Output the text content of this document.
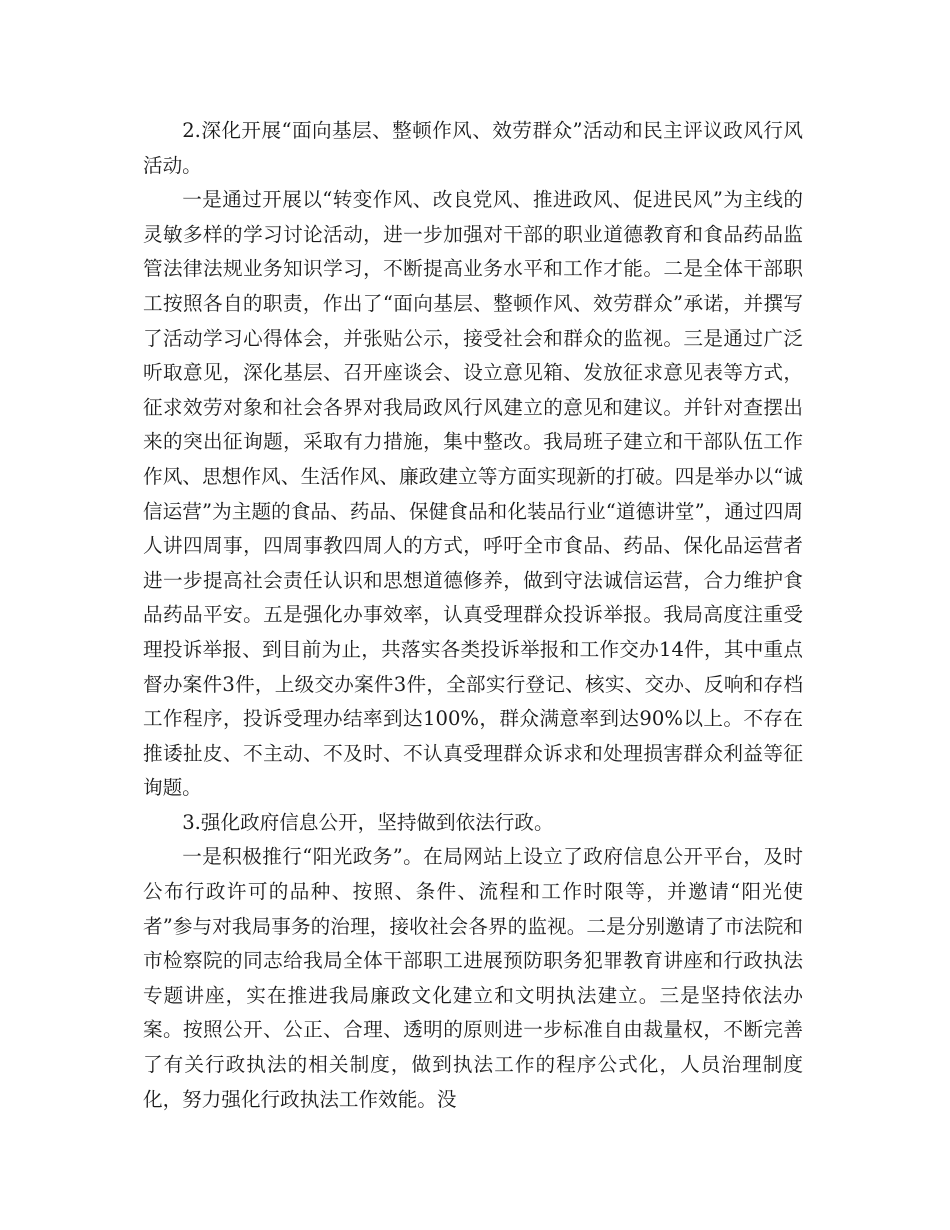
2.深化开展“面向基层、整顿作风、效劳群众”活动和民主评议政风行风活动。

一是通过开展以“转变作风、改良党风、推进政风、促进民风”为主线的灵敏多样的学习讨论活动，进一步加强对干部的职业道德教育和食品药品监管法律法规业务知识学习，不断提高业务水平和工作才能。二是全体干部职工按照各自的职责，作出了“面向基层、整顿作风、效劳群众”承诺，并撰写了活动学习心得体会，并张贴公示，接受社会和群众的监视。三是通过广泛听取意见，深化基层、召开座谈会、设立意见箱、发放征求意见表等方式，征求效劳对象和社会各界对我局政风行风建立的意见和建议。并针对查摆出来的突出征询题，采取有力措施，集中整改。我局班子建立和干部队伍工作作风、思想作风、生活作风、廉政建立等方面实现新的打破。四是举办以“诚信运营”为主题的食品、药品、保健食品和化装品行业“道德讲堂”，通过四周人讲四周事，四周事教四周人的方式，呼吁全市食品、药品、保化品运营者进一步提高社会责任认识和思想道德修养，做到守法诚信运营，合力维护食品药品平安。五是强化办事效率，认真受理群众投诉举报。我局高度注重受理投诉举报、到目前为止，共落实各类投诉举报和工作交办14件，其中重点督办案件3件，上级交办案件3件，全部实行登记、核实、交办、反响和存档工作程序，投诉受理办结率到达100%，群众满意率到达90%以上。不存在推诿扯皮、不主动、不及时、不认真受理群众诉求和处理损害群众利益等征询题。

3.强化政府信息公开，坚持做到依法行政。

一是积极推行“阳光政务”。在局网站上设立了政府信息公开平台，及时公布行政许可的品种、按照、条件、流程和工作时限等，并邀请“阳光使者”参与对我局事务的治理，接收社会各界的监视。二是分别邀请了市法院和市检察院的同志给我局全体干部职工进展预防职务犯罪教育讲座和行政执法专题讲座，实在推进我局廉政文化建立和文明执法建立。三是坚持依法办案。按照公开、公正、合理、透明的原则进一步标准自由裁量权，不断完善了有关行政执法的相关制度，做到执法工作的程序公式化，人员治理制度化，努力强化行政执法工作效能。没
